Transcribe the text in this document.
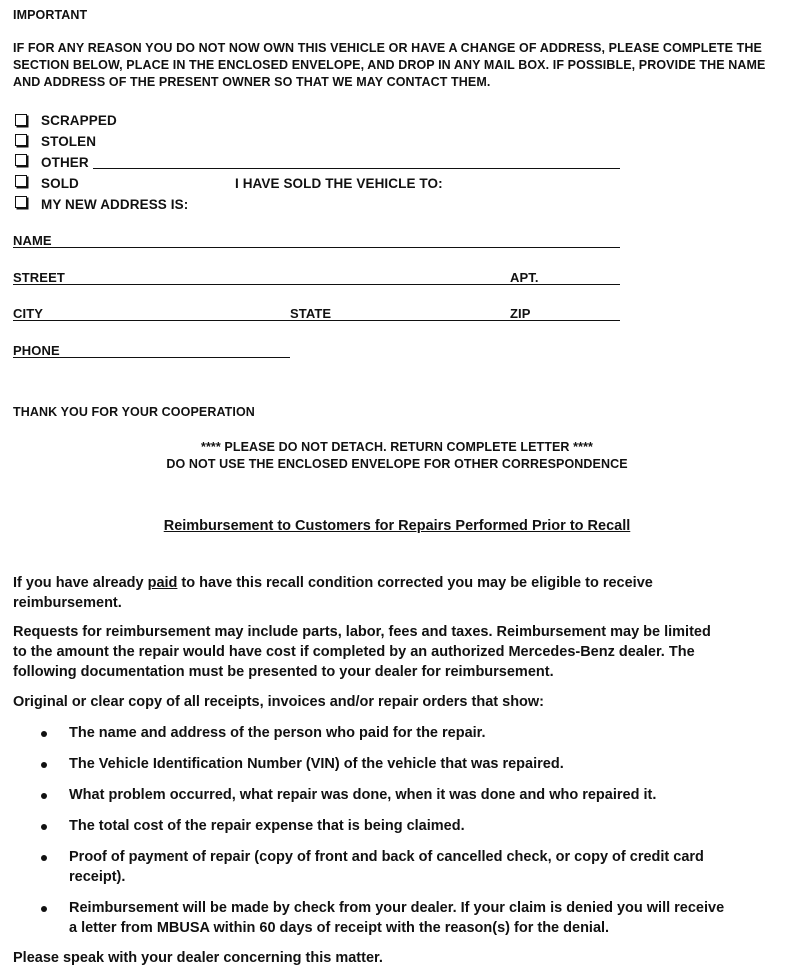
IMPORTANT
IF FOR ANY REASON YOU DO NOT NOW OWN THIS VEHICLE OR HAVE A CHANGE OF ADDRESS, PLEASE COMPLETE THE
SECTION BELOW, PLACE IN THE ENCLOSED ENVELOPE, AND DROP IN ANY MAIL BOX. IF POSSIBLE, PROVIDE THE NAME
AND ADDRESS OF THE PRESENT OWNER SO THAT WE MAY CONTACT THEM.
SCRAPPED
STOLEN
OTHER
SOLD	I HAVE SOLD THE VEHICLE TO:
MY NEW ADDRESS IS:
NAME
STREET	APT.
CITY	STATE	ZIP
PHONE
THANK YOU FOR YOUR COOPERATION
**** PLEASE DO NOT DETACH. RETURN COMPLETE LETTER ****
DO NOT USE THE ENCLOSED ENVELOPE FOR OTHER CORRESPONDENCE
Reimbursement to Customers for Repairs Performed Prior to Recall
If you have already paid to have this recall condition corrected you may be eligible to receive
reimbursement.
Requests for reimbursement may include parts, labor, fees and taxes. Reimbursement may be limited
to the amount the repair would have cost if completed by an authorized Mercedes-Benz dealer. The
following documentation must be presented to your dealer for reimbursement.
Original or clear copy of all receipts, invoices and/or repair orders that show:
The name and address of the person who paid for the repair.
The Vehicle Identification Number (VIN) of the vehicle that was repaired.
What problem occurred, what repair was done, when it was done and who repaired it.
The total cost of the repair expense that is being claimed.
Proof of payment of repair (copy of front and back of cancelled check, or copy of credit card
receipt).
Reimbursement will be made by check from your dealer. If your claim is denied you will receive
a letter from MBUSA within 60 days of receipt with the reason(s) for the denial.
Please speak with your dealer concerning this matter.
